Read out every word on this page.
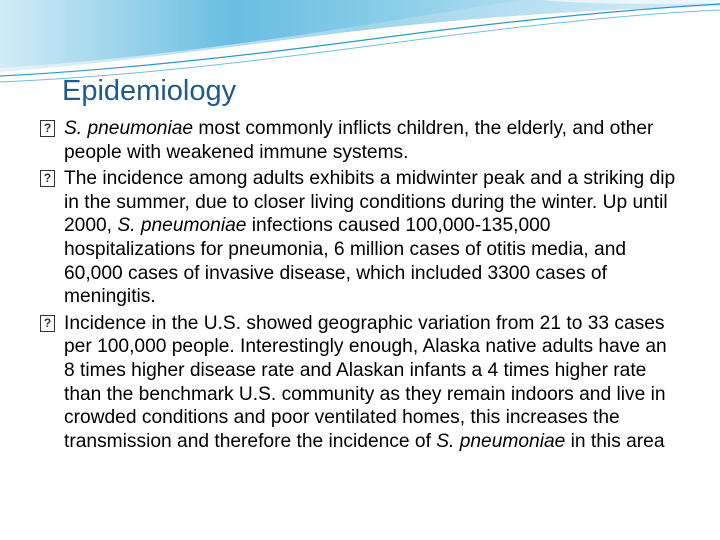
Epidemiology
? S. pneumoniae most commonly inflicts children, the elderly, and other people with weakened immune systems.
? The incidence among adults exhibits a midwinter peak and a striking dip in the summer, due to closer living conditions during the winter. Up until 2000, S. pneumoniae infections caused 100,000-135,000 hospitalizations for pneumonia, 6 million cases of otitis media, and 60,000 cases of invasive disease, which included 3300 cases of meningitis.
? Incidence in the U.S. showed geographic variation from 21 to 33 cases per 100,000 people. Interestingly enough, Alaska native adults have an 8 times higher disease rate and Alaskan infants a 4 times higher rate than the benchmark U.S. community as they remain indoors and live in crowded conditions and poor ventilated homes, this increases the transmission and therefore the incidence of S. pneumoniae in this area
